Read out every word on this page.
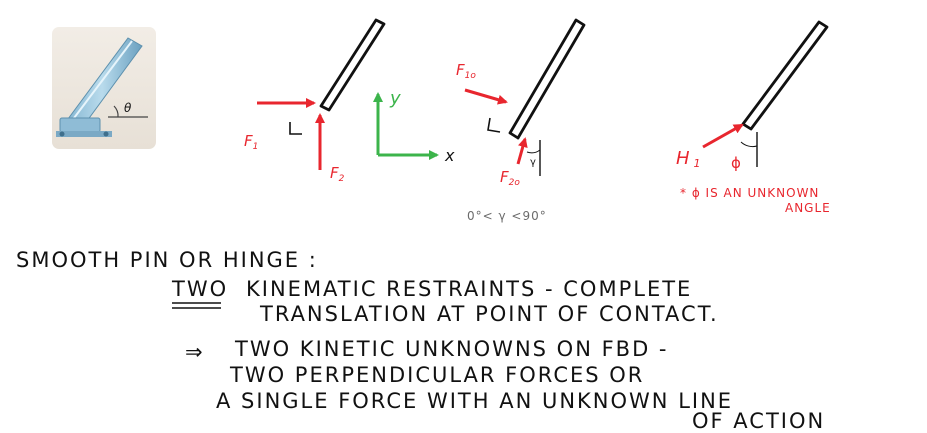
θ
$F_1$
$F_2$
y
x
$F_{1o}$
$F_{2o}$
γ
0°< γ <90°
H 1 ϕ
* ϕ IS AN UNKNOWN
ANGLE
SMOOTH PIN OR HINGE :
TWO KINEMATIC RESTRAINTS - COMPLETE
TRANSLATION AT POINT OF CONTACT.
⇒ TWO KINETIC UNKNOWNS ON FBD -
TWO PERPENDICULAR FORCES OR
A SINGLE FORCE WITH AN UNKNOWN LINE
OF ACTION
